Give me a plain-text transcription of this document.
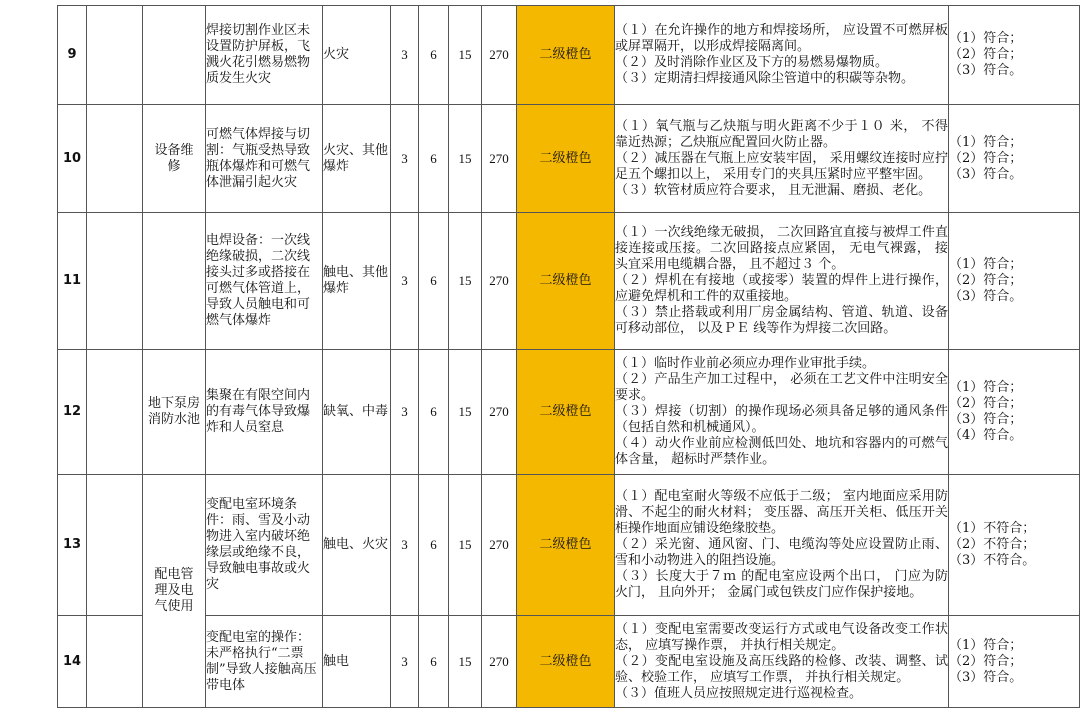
9			焊接切割作业区未设置防护屏板，飞溅火花引燃易燃物质发生火灾	火灾	3	6	15	270	二级橙色	（１）在允许操作的地方和焊接场所， 应设置不可燃屏板或屏罩隔开，以形成焊接隔离间。
（２）及时消除作业区及下方的易燃易爆物质。
（３）定期清扫焊接通风除尘管道中的积碳等杂物。	（1）符合；
（2）符合；
（3）符合。

10		设备维修	可燃气体焊接与切割：气瓶受热导致瓶体爆炸和可燃气体泄漏引起火灾	火灾、其他爆炸	3	6	15	270	二级橙色	（１）氧气瓶与乙炔瓶与明火距离不少于１０ 米， 不得靠近热源；乙炔瓶应配置回火防止器。
（２）减压器在气瓶上应安装牢固， 采用螺纹连接时应拧足五个螺扣以上， 采用专门的夹具压紧时应平整牢固。
（３）软管材质应符合要求， 且无泄漏、磨损、老化。	（1）符合；
（2）符合；
（3）符合。

11			电焊设备：一次线绝缘破损，二次线接头过多或搭接在可燃气体管道上，导致人员触电和可燃气体爆炸	触电、其他爆炸	3	6	15	270	二级橙色	（１）一次线绝缘无破损， 二次回路宜直接与被焊工件直接连接或压接。二次回路接点应紧固， 无电气裸露， 接头宜采用电缆耦合器， 且不超过３ 个。
（２）焊机在有接地（或接零）装置的焊件上进行操作， 应避免焊机和工件的双重接地。
（３）禁止搭载或利用厂房金属结构、管道、轨道、设备可移动部位， 以及ＰＥ 线等作为焊接二次回路。	（1）符合；
（2）符合；
（3）符合。

12		地下泵房消防水池	集聚在有限空间内的有毒气体导致爆炸和人员窒息	缺氧、中毒	3	6	15	270	二级橙色	（１）临时作业前必须应办理作业审批手续。
（２）产品生产加工过程中， 必须在工艺文件中注明安全要求。
（３）焊接（切割）的操作现场必须具备足够的通风条件（包括自然和机械通风）。
（４）动火作业前应检测低凹处、地坑和容器内的可燃气体含量， 超标时严禁作业。	（1）符合；
（2）符合；
（3）符合；
（4）符合。

13		配电管理及电气使用	变配电室环境条件：雨、雪及小动物进入室内破坏绝缘层或绝缘不良，导致触电事故或火灾	触电、火灾	3	6	15	270	二级橙色	（１）配电室耐火等级不应低于二级； 室内地面应采用防滑、不起尘的耐火材料； 变压器、高压开关柜、低压开关柜操作地面应铺设绝缘胶垫。
（２）采光窗、通风窗、门、电缆沟等处应设置防止雨、雪和小动物进入的阻挡设施。
（３）长度大于７ｍ 的配电室应设两个出口， 门应为防火门， 且向外开； 金属门或包铁皮门应作保护接地。	（1）不符合；
（2）不符合；
（3）不符合。

14			变配电室的操作：未严格执行“二票制”导致人接触高压带电体	触电	3	6	15	270	二级橙色	（１）变配电室需要改变运行方式或电气设备改变工作状态， 应填写操作票， 并执行相关规定。
（２）变配电室设施及高压线路的检修、改装、调整、试验、校验工作， 应填写工作票， 并执行相关规定。
（３）值班人员应按照规定进行巡视检查。	（1）符合；
（2）符合；
（3）符合。
